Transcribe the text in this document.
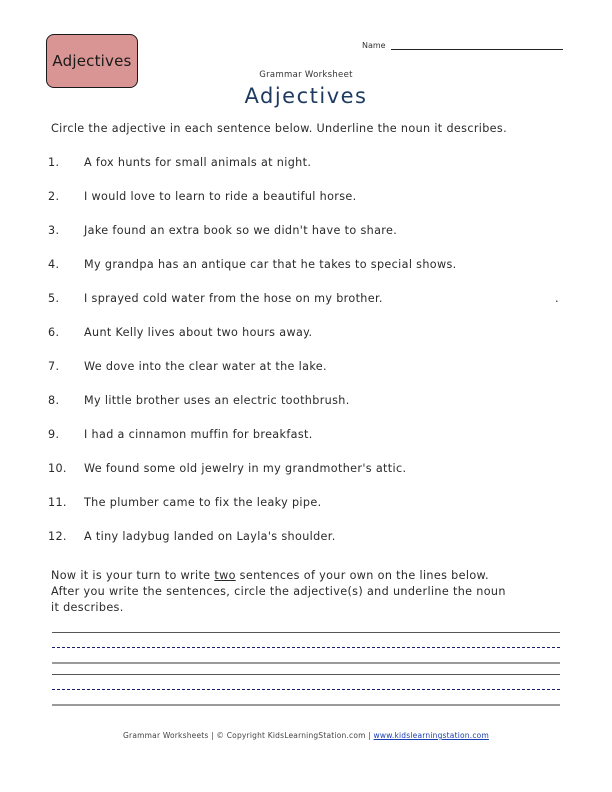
Adjectives
Name
Grammar Worksheet
Adjectives
Circle the adjective in each sentence below. Underline the noun it describes.
1.	A fox hunts for small animals at night.
2.	I would love to learn to ride a beautiful horse.
3.	Jake found an extra book so we didn't have to share.
4.	My grandpa has an antique car that he takes to special shows.
5.	I sprayed cold water from the hose on my brother.	.
6.	Aunt Kelly lives about two hours away.
7.	We dove into the clear water at the lake.
8.	My little brother uses an electric toothbrush.
9.	I had a cinnamon muffin for breakfast.
10.	We found some old jewelry in my grandmother's attic.
11.	The plumber came to fix the leaky pipe.
12.	A tiny ladybug landed on Layla's shoulder.
Now it is your turn to write two sentences of your own on the lines below.
After you write the sentences, circle the adjective(s) and underline the noun
it describes.
Grammar Worksheets | © Copyright KidsLearningStation.com | www.kidslearningstation.com
